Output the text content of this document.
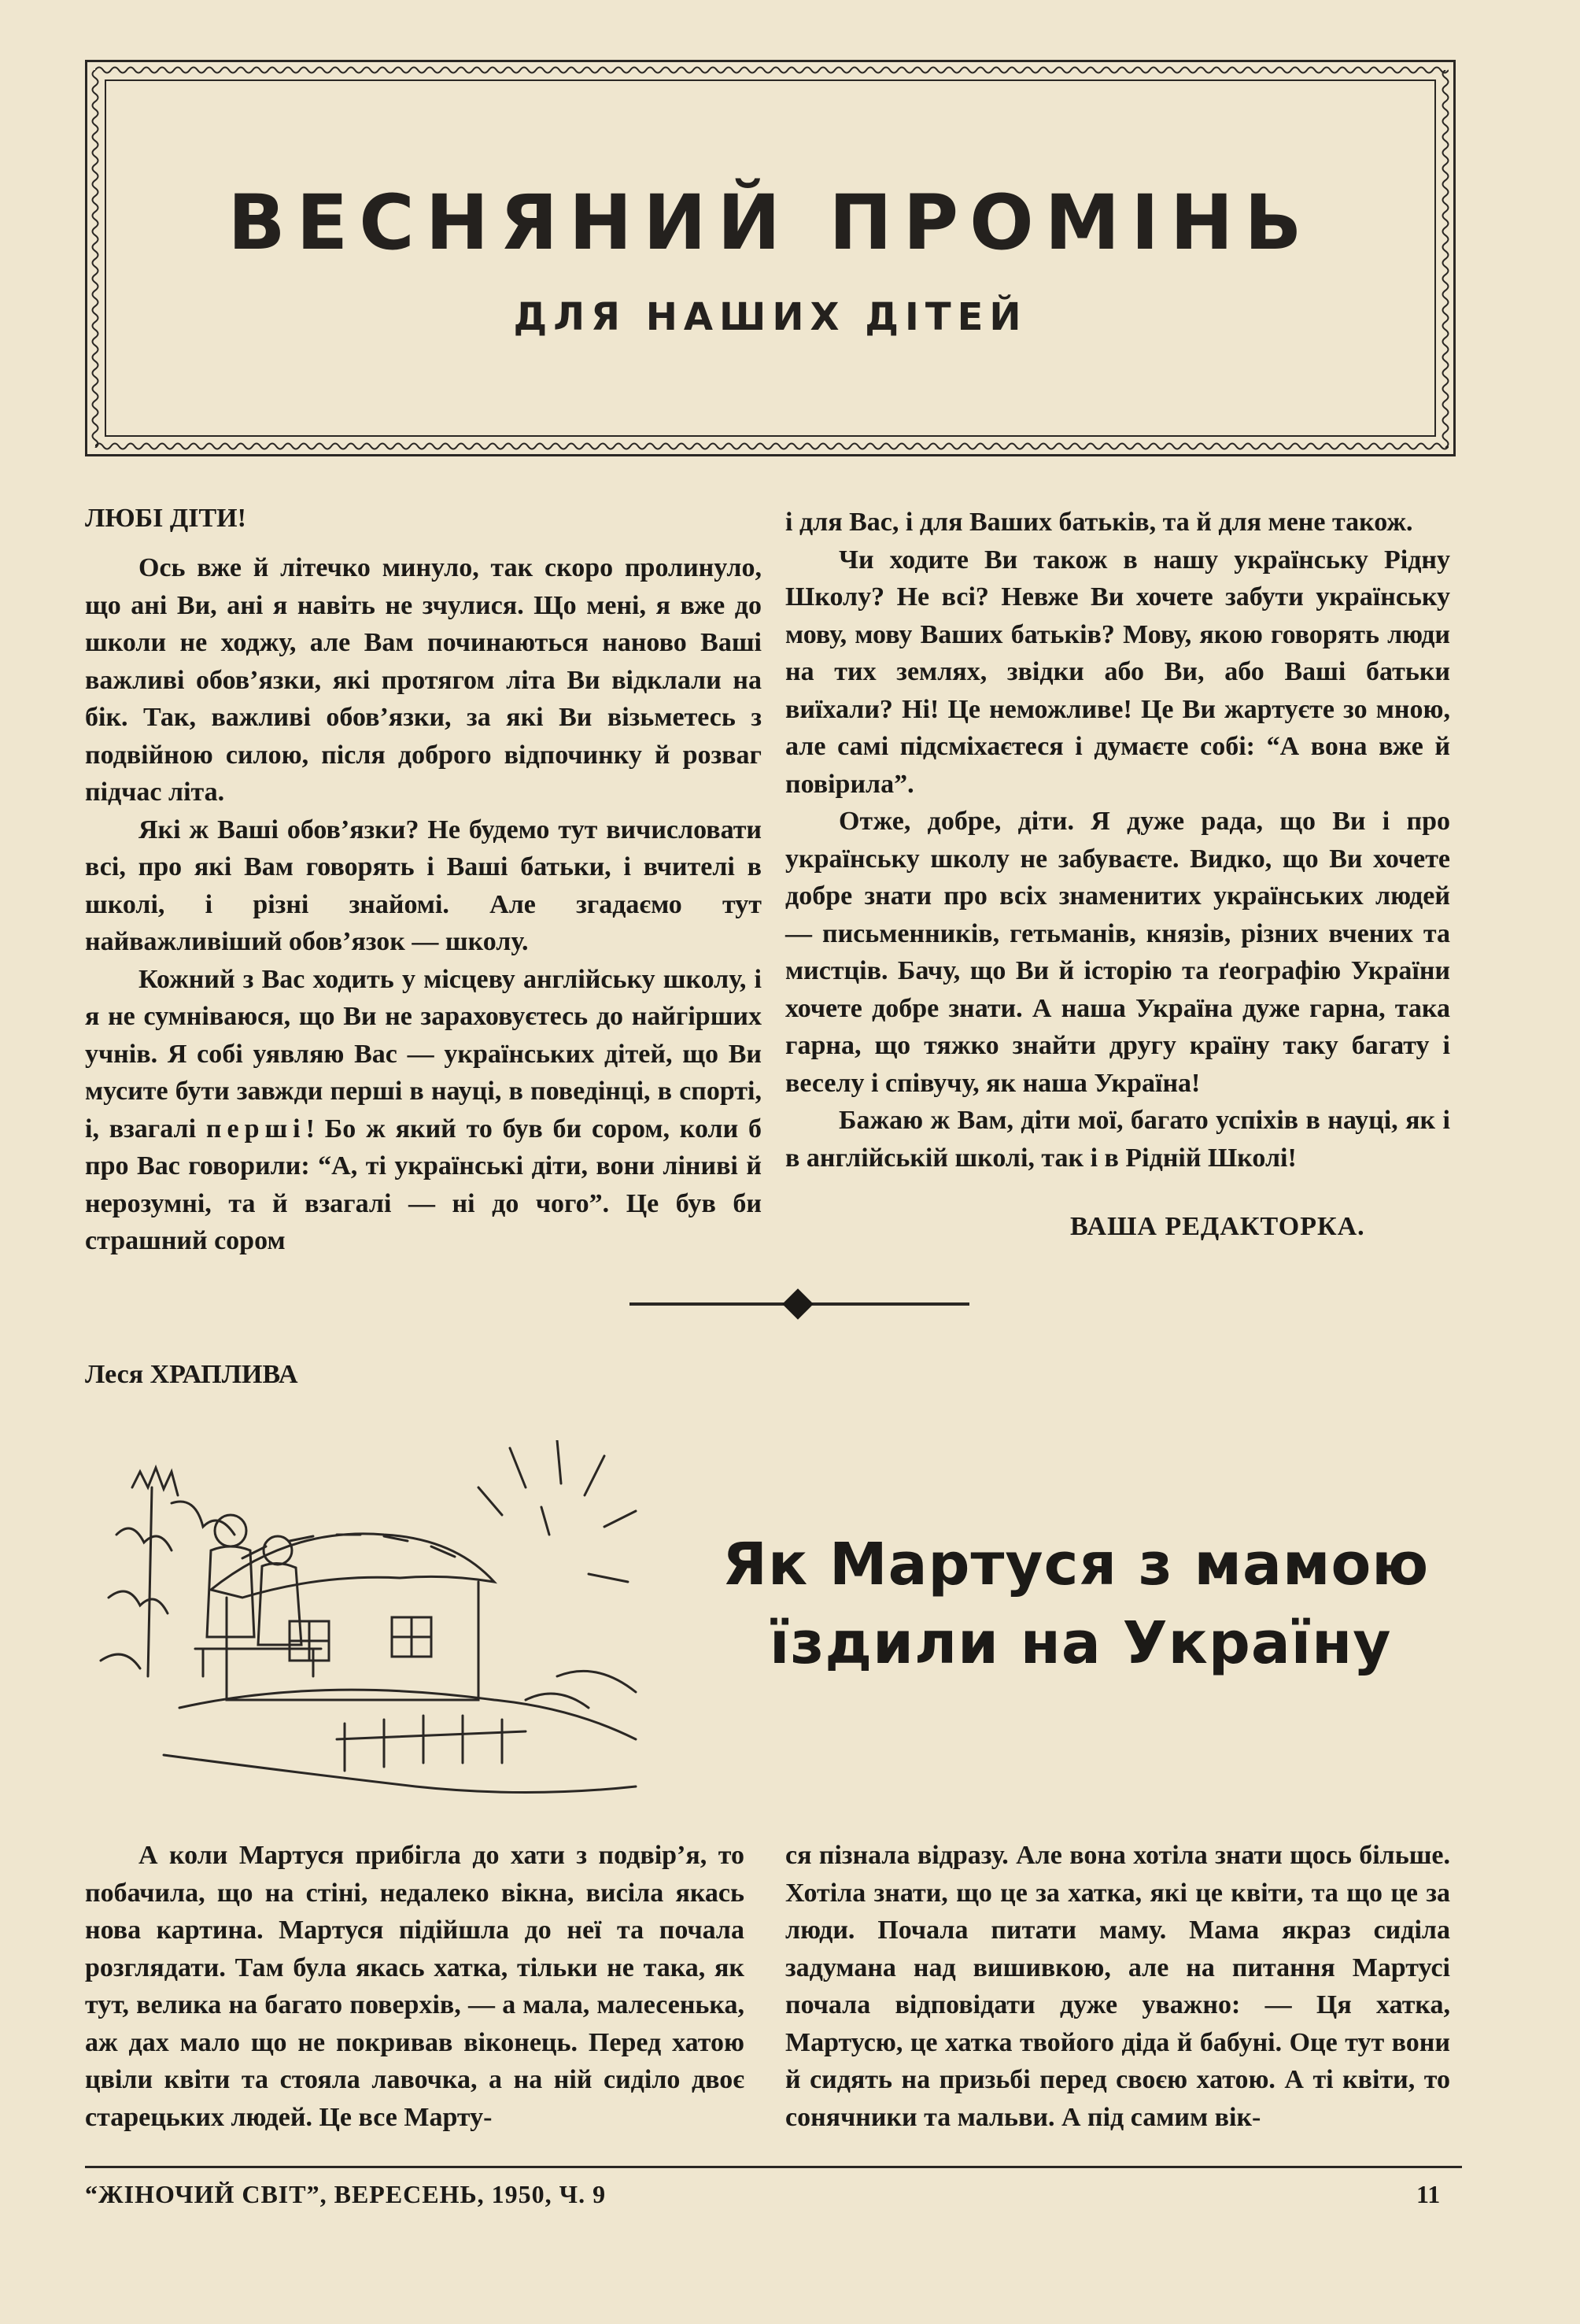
ВЕСНЯНИЙ ПРОМІНЬ
ДЛЯ НАШИХ ДІТЕЙ
ЛЮБІ ДІТИ!

Ось вже й літечко минуло, так скоро пролинуло, що ані Ви, ані я навіть не зчулися. Що мені, я вже до школи не ходжу, але Вам починаються наново Ваші важливі обов’язки, які протягом літа Ви відклали на бік. Так, важливі обов’язки, за які Ви візьметесь з подвійною силою, після доброго відпочинку й розваг підчас літа.

Які ж Ваші обов’язки? Не будемо тут вичисловати всі, про які Вам говорять і Ваші батьки, і вчителі в школі, і різні знайомі. Але згадаємо тут найважливіший обов’язок — школу.

Кожний з Вас ходить у місцеву англійську школу, і я не сумніваюся, що Ви не зараховуєтесь до найгірших учнів. Я собі уявляю Вас — українських дітей, що Ви мусите бути завжди перші в науці, в поведінці, в спорті, і, взагалі перші! Бо ж який то був би сором, коли б про Вас говорили: “А, ті українські діти, вони ліниві й нерозумні, та й взагалі — ні до чого”. Це був би страшний сором

і для Вас, і для Ваших батьків, та й для мене також.

Чи ходите Ви також в нашу українську Рідну Школу? Не всі? Невже Ви хочете забути українську мову, мову Ваших батьків? Мову, якою говорять люди на тих землях, звідки або Ви, або Ваші батьки виїхали? Ні! Це неможливе! Це Ви жартуєте зо мною, але самі підсміхаєтеся і думаєте собі: “А вона вже й повірила”.

Отже, добре, діти. Я дуже рада, що Ви і про українську школу не забуваєте. Видко, що Ви хочете добре знати про всіх знаменитих українських людей — письменників, гетьманів, князів, різних вчених та мистців. Бачу, що Ви й історію та ґеографію України хочете добре знати. А наша Україна дуже гарна, така гарна, що тяжко знайти другу країну таку багату і веселу і співучу, як наша Україна!

Бажаю ж Вам, діти мої, багато успіхів в науці, як і в англійській школі, так і в Рідній Школі!

ВАША РЕДАКТОРКА.
Леся ХРАПЛИВА
Як Мартуся з мамою
їздили на Україну

А коли Мартуся прибігла до хати з подвір’я, то побачила, що на стіні, недалеко вікна, висіла якась нова картина. Мартуся підійшла до неї та почала розглядати. Там була якась хатка, тільки не така, як тут, велика на багато поверхів, — а мала, малесенька, аж дах мало що не покривав віконець. Перед хатою цвіли квіти та стояла лавочка, а на ній сиділо двоє старецьких людей. Це все Марту-

ся пізнала відразу. Але вона хотіла знати щось більше. Хотіла знати, що це за хатка, які це квіти, та що це за люди. Почала питати маму. Мама якраз сиділа задумана над вишивкою, але на питання Мартусі почала відповідати дуже уважно: — Ця хатка, Мартусю, це хатка твойого діда й бабуні. Оце тут вони й сидять на призьбі перед своєю хатою. А ті квіти, то сонячники та мальви. А під самим вік-

“ЖІНОЧИЙ СВІТ”, ВЕРЕСЕНЬ, 1950, Ч. 9	11
